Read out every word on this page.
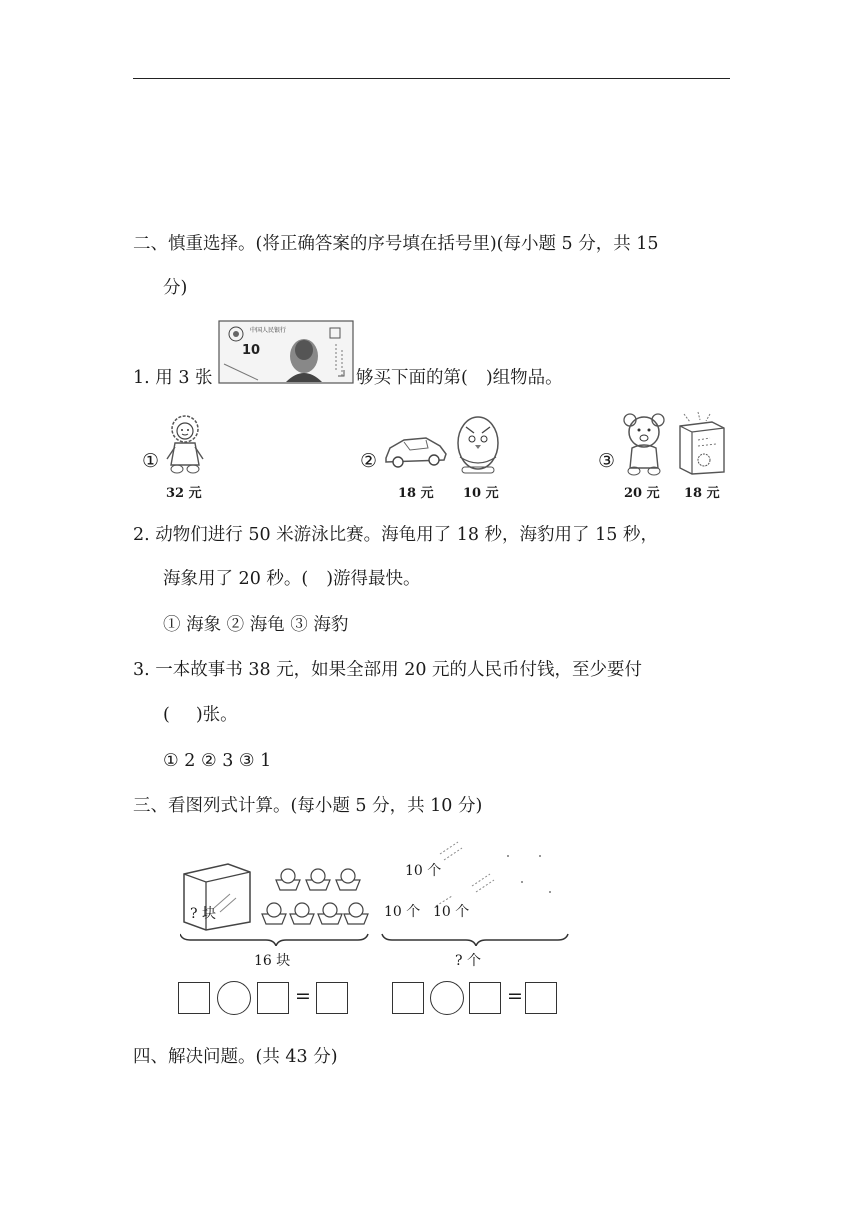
二、慎重选择。(将正确答案的序号填在括号里)(每小题 5 分，共 15
分)
1. 用 3 张
中国人民银行
10
够买下面的第( )组物品。
①
32 元
②
18 元 10 元
③
20 元 18 元
2. 动物们进行 50 米游泳比赛。海龟用了 18 秒，海豹用了 15 秒，
海象用了 20 秒。( )游得最快。
① 海象 ② 海龟 ③ 海豹
3. 一本故事书 38 元，如果全部用 20 元的人民币付钱，至少要付
( )张。
① 2 ② 3 ③ 1
三、看图列式计算。(每小题 5 分，共 10 分)
? 块
16 块
10 个
10 个 10 个
? 个
=	=
四、解决问题。(共 43 分)
